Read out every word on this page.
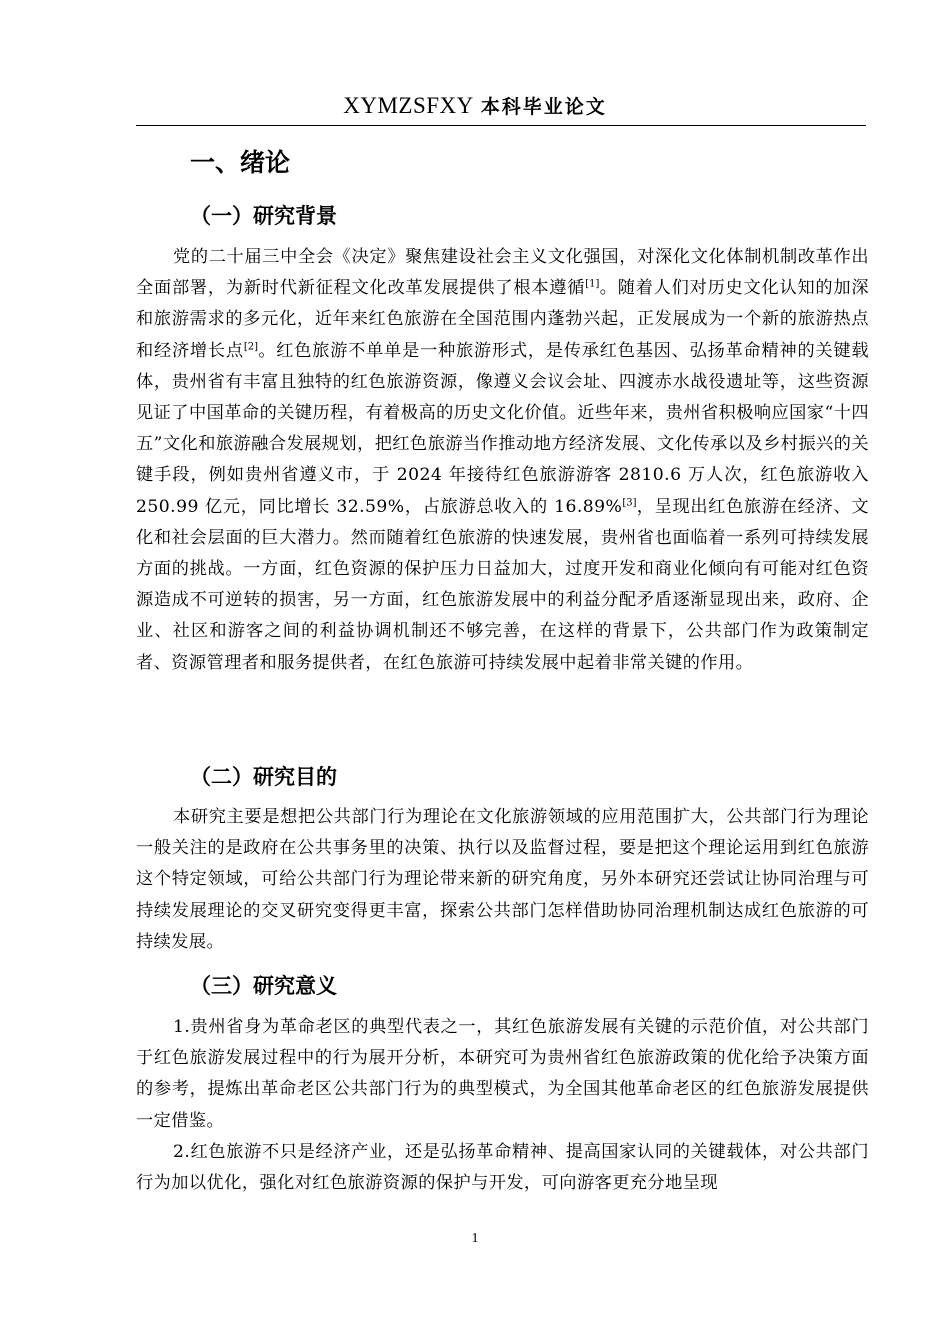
XYMZSFXY 本科毕业论文
一、绪论
（一）研究背景

党的二十届三中全会《决定》聚焦建设社会主义文化强国，对深化文化体制机制改革作出全面部署，为新时代新征程文化改革发展提供了根本遵循[1]。随着人们对历史文化认知的加深和旅游需求的多元化，近年来红色旅游在全国范围内蓬勃兴起，正发展成为一个新的旅游热点和经济增长点[2]。红色旅游不单单是一种旅游形式，是传承红色基因、弘扬革命精神的关键载体，贵州省有丰富且独特的红色旅游资源，像遵义会议会址、四渡赤水战役遗址等，这些资源见证了中国革命的关键历程，有着极高的历史文化价值。近些年来，贵州省积极响应国家“十四五”文化和旅游融合发展规划，把红色旅游当作推动地方经济发展、文化传承以及乡村振兴的关键手段，例如贵州省遵义市，于 2024 年接待红色旅游游客 2810.6 万人次，红色旅游收入 250.99 亿元，同比增长 32.59%，占旅游总收入的 16.89%[3]，呈现出红色旅游在经济、文化和社会层面的巨大潜力。然而随着红色旅游的快速发展，贵州省也面临着一系列可持续发展方面的挑战。一方面，红色资源的保护压力日益加大，过度开发和商业化倾向有可能对红色资源造成不可逆转的损害，另一方面，红色旅游发展中的利益分配矛盾逐渐显现出来，政府、企业、社区和游客之间的利益协调机制还不够完善，在这样的背景下，公共部门作为政策制定者、资源管理者和服务提供者，在红色旅游可持续发展中起着非常关键的作用。

（二）研究目的

本研究主要是想把公共部门行为理论在文化旅游领域的应用范围扩大，公共部门行为理论一般关注的是政府在公共事务里的决策、执行以及监督过程，要是把这个理论运用到红色旅游这个特定领域，可给公共部门行为理论带来新的研究角度，另外本研究还尝试让协同治理与可持续发展理论的交叉研究变得更丰富，探索公共部门怎样借助协同治理机制达成红色旅游的可持续发展。

（三）研究意义

1.贵州省身为革命老区的典型代表之一，其红色旅游发展有关键的示范价值，对公共部门于红色旅游发展过程中的行为展开分析，本研究可为贵州省红色旅游政策的优化给予决策方面的参考，提炼出革命老区公共部门行为的典型模式，为全国其他革命老区的红色旅游发展提供一定借鉴。

2.红色旅游不只是经济产业，还是弘扬革命精神、提高国家认同的关键载体，对公共部门行为加以优化，强化对红色旅游资源的保护与开发，可向游客更充分地呈现

1
